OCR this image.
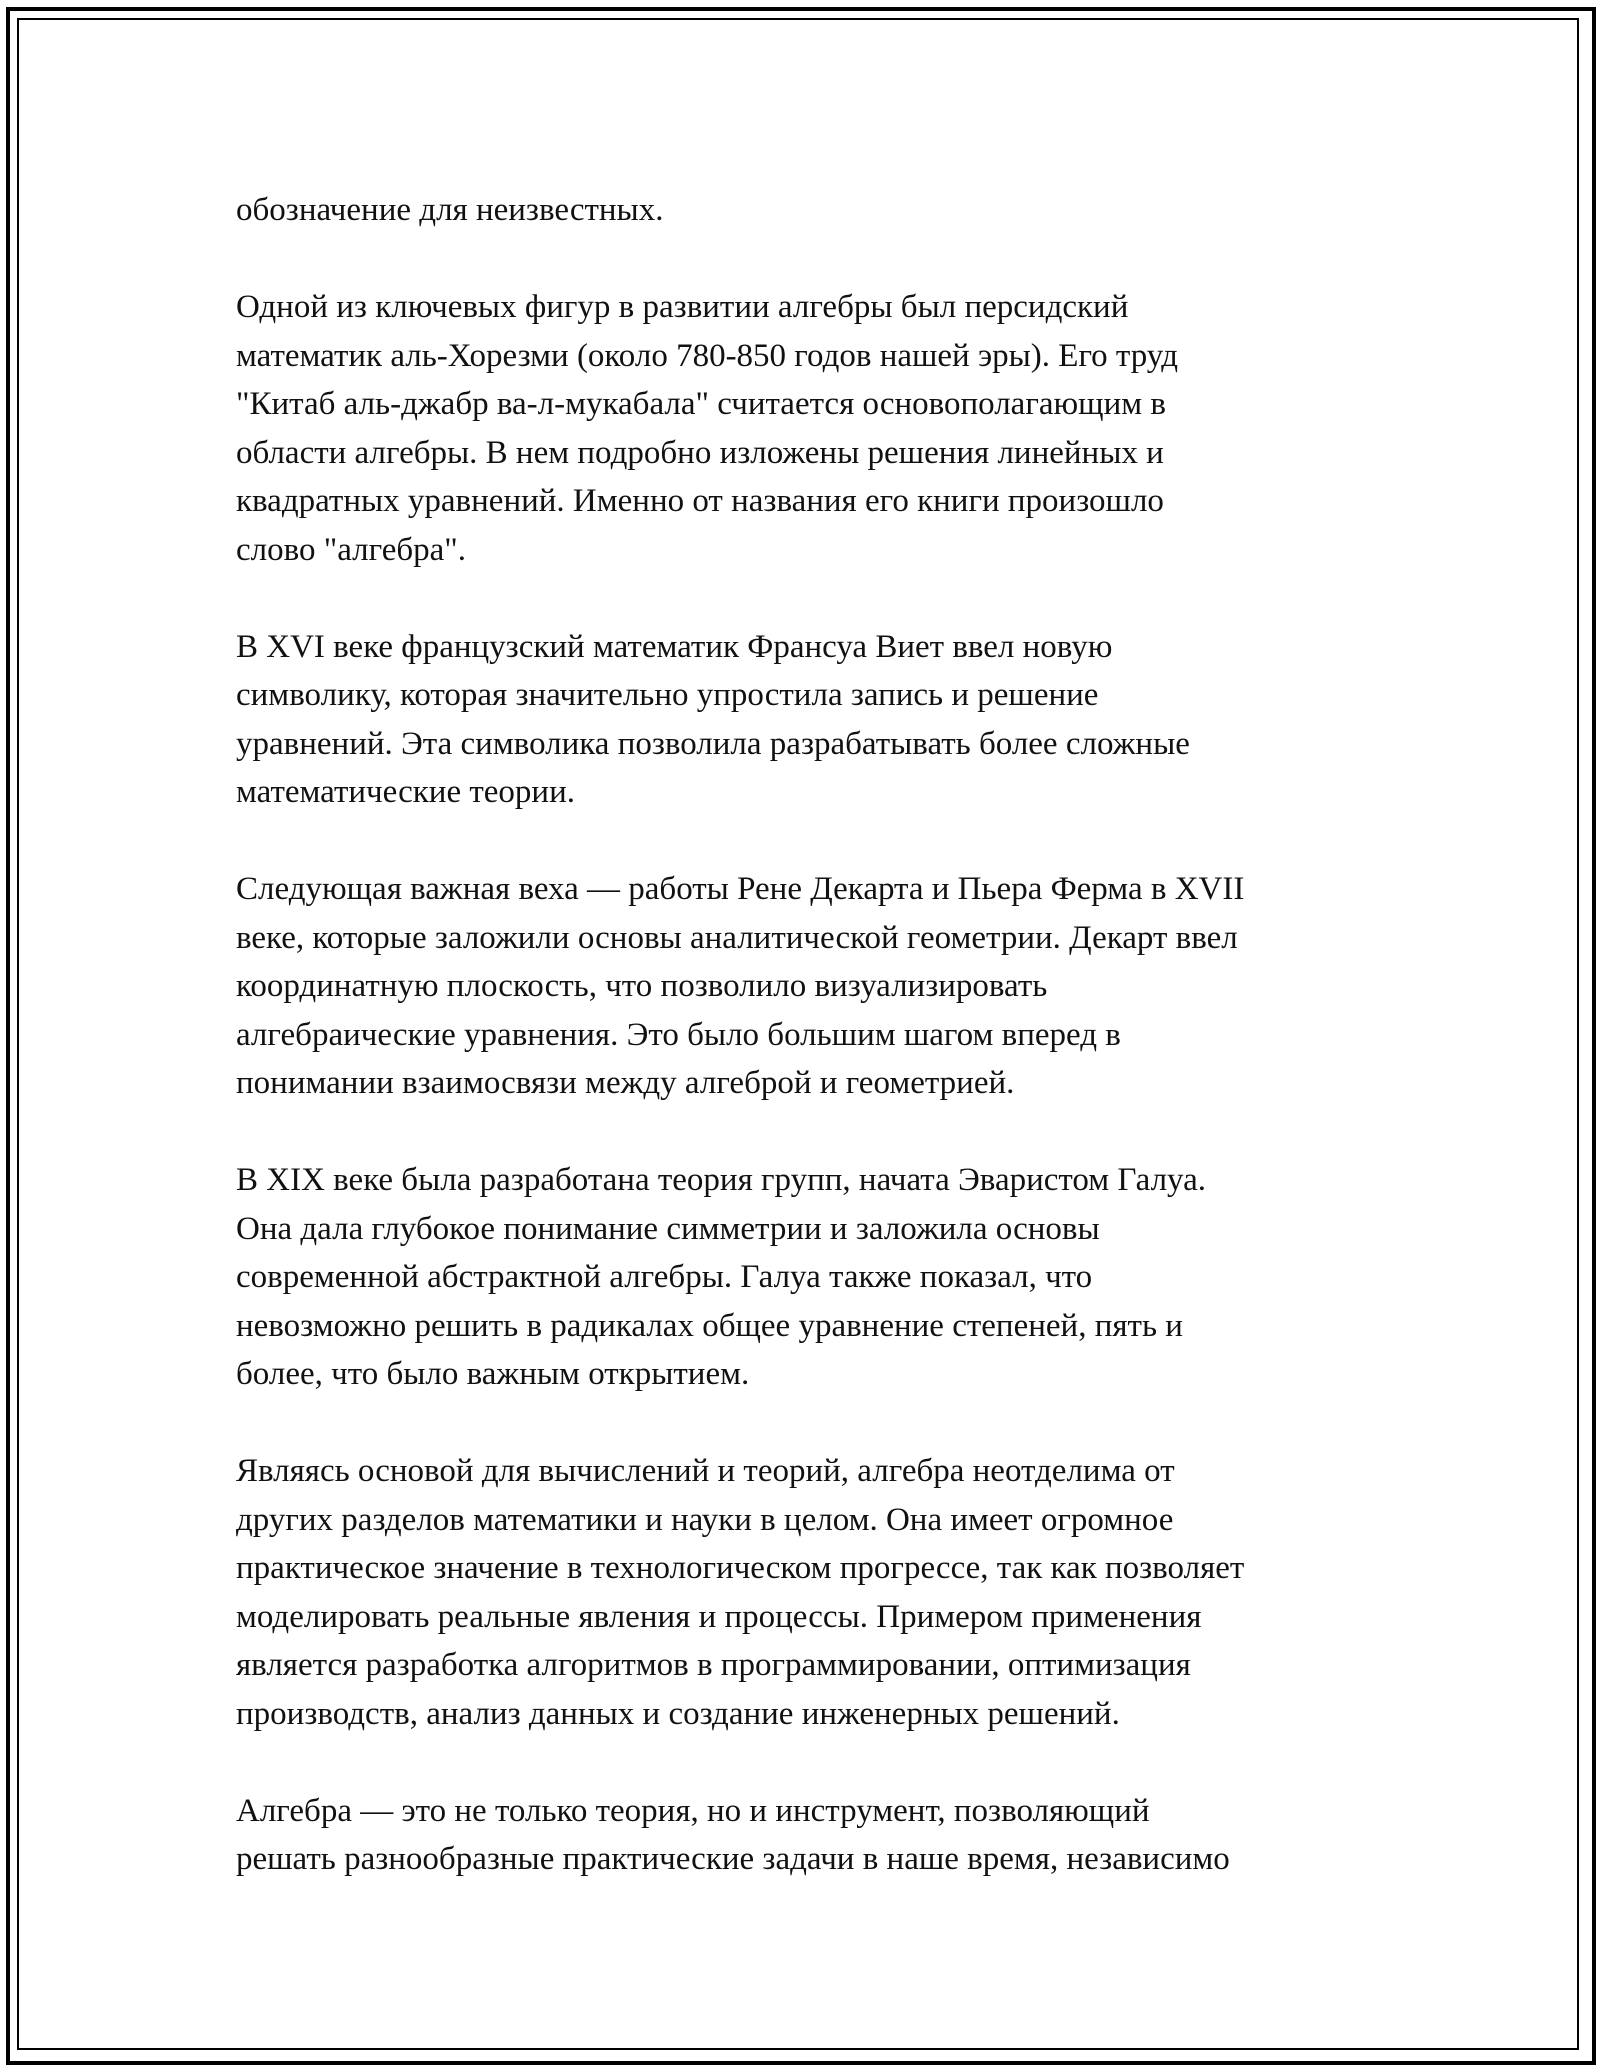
обозначение для неизвестных.
Одной из ключевых фигур в развитии алгебры был персидский
математик аль-Хорезми (около 780-850 годов нашей эры). Его труд
"Китаб аль-джабр ва-л-мукабала" считается основополагающим в
области алгебры. В нем подробно изложены решения линейных и
квадратных уравнений. Именно от названия его книги произошло
слово "алгебра".
В XVI веке французский математик Франсуа Виет ввел новую
символику, которая значительно упростила запись и решение
уравнений. Эта символика позволила разрабатывать более сложные
математические теории.
Следующая важная веха — работы Рене Декарта и Пьера Ферма в XVII
веке, которые заложили основы аналитической геометрии. Декарт ввел
координатную плоскость, что позволило визуализировать
алгебраические уравнения. Это было большим шагом вперед в
понимании взаимосвязи между алгеброй и геометрией.
В XIX веке была разработана теория групп, начата Эваристом Галуа.
Она дала глубокое понимание симметрии и заложила основы
современной абстрактной алгебры. Галуа также показал, что
невозможно решить в радикалах общее уравнение степеней, пять и
более, что было важным открытием.
Являясь основой для вычислений и теорий, алгебра неотделима от
других разделов математики и науки в целом. Она имеет огромное
практическое значение в технологическом прогрессе, так как позволяет
моделировать реальные явления и процессы. Примером применения
является разработка алгоритмов в программировании, оптимизация
производств, анализ данных и создание инженерных решений.
Алгебра — это не только теория, но и инструмент, позволяющий
решать разнообразные практические задачи в наше время, независимо
